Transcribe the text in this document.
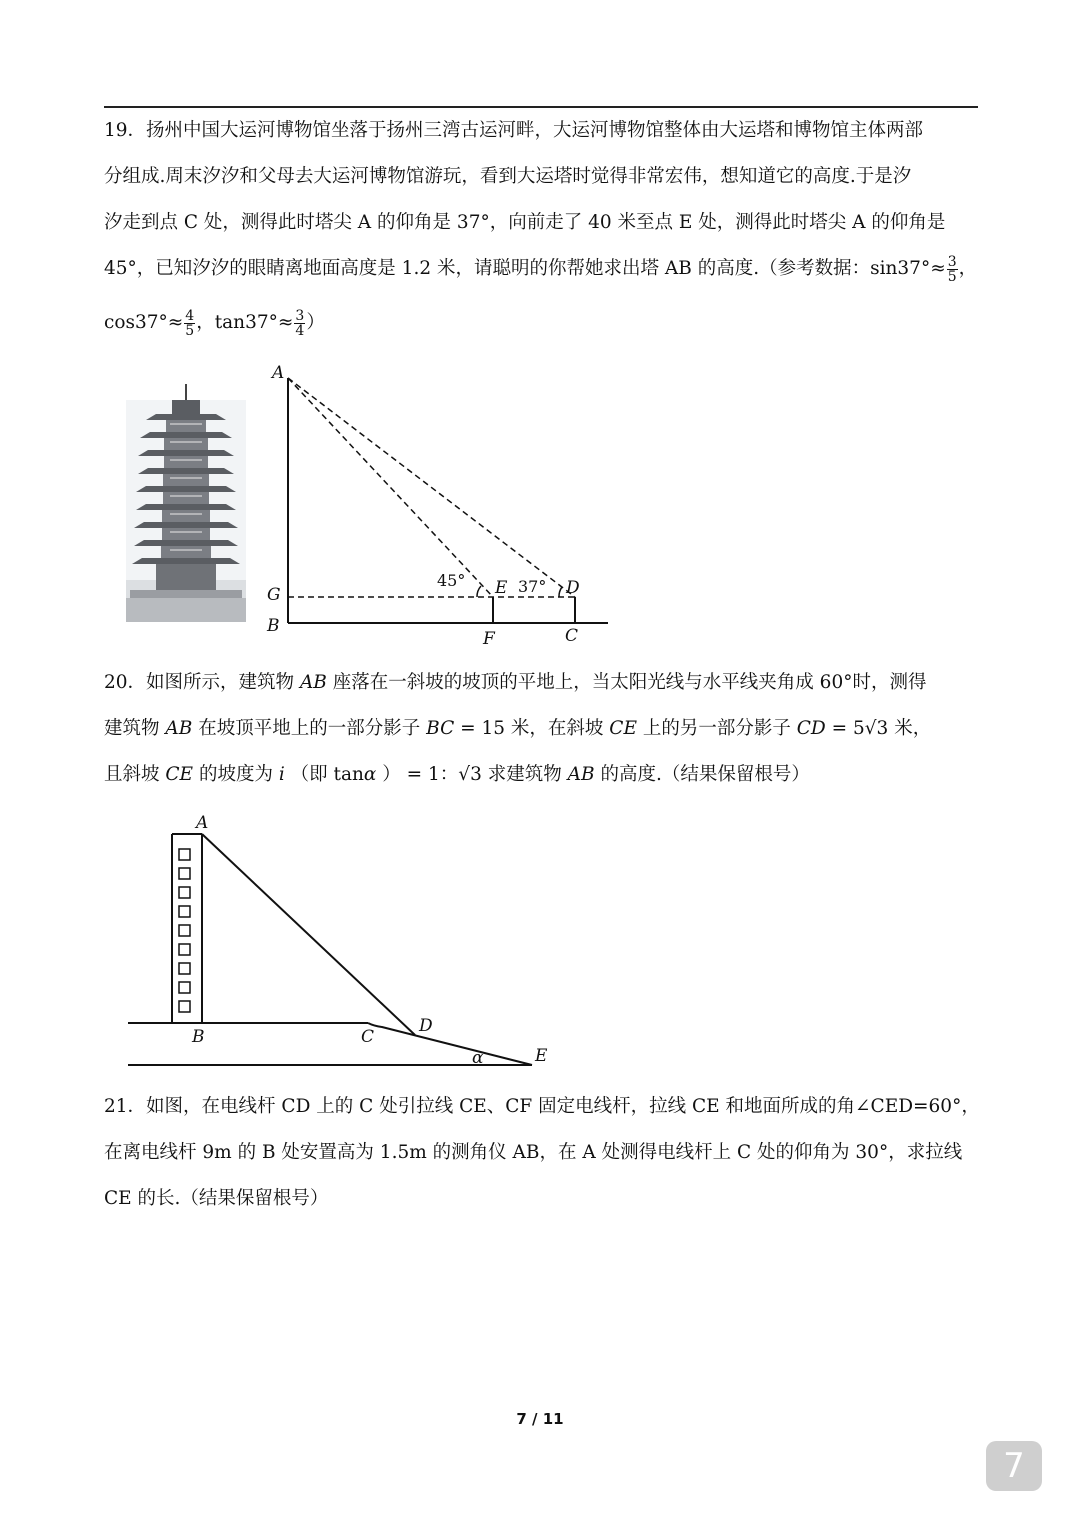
19．扬州中国大运河博物馆坐落于扬州三湾古运河畔，大运河博物馆整体由大运塔和博物馆主体两部
分组成.周末汐汐和父母去大运河博物馆游玩，看到大运塔时觉得非常宏伟，想知道它的高度.于是汐
汐走到点 C 处，测得此时塔尖 A 的仰角是 37°，向前走了 40 米至点 E 处，测得此时塔尖 A 的仰角是
45°，已知汐汐的眼睛离地面高度是 1.2 米，请聪明的你帮她求出塔 AB 的高度.（参考数据：$\sin 37^\circ\approx \frac{3}{5}$ ，
$\cos 37^\circ\approx \frac{4}{5}$ ，$\tan 37^\circ\approx \frac{3}{4}$ ）
A
G
B
E	D
F	C
45°	37°
20．如图所示，建筑物 AB 座落在一斜坡的坡顶的平地上，当太阳光线与水平线夹角成 60°时，测得
建筑物 AB 在坡顶平地上的一部分影子 BC = 15 米，在斜坡 CE 上的另一部分影子 CD = 5√3 米，
且斜坡 CE 的坡度为 i （即 tanα ） = 1：√3 求建筑物 AB 的高度.（结果保留根号）
A
B	C
D
E
α
21．如图，在电线杆 CD 上的 C 处引拉线 CE、CF 固定电线杆，拉线 CE 和地面所成的角∠CED=60°，
在离电线杆 9m 的 B 处安置高为 1.5m 的测角仪 AB，在 A 处测得电线杆上 C 处的仰角为 30°，求拉线
CE 的长.（结果保留根号）
7 / 11
7
